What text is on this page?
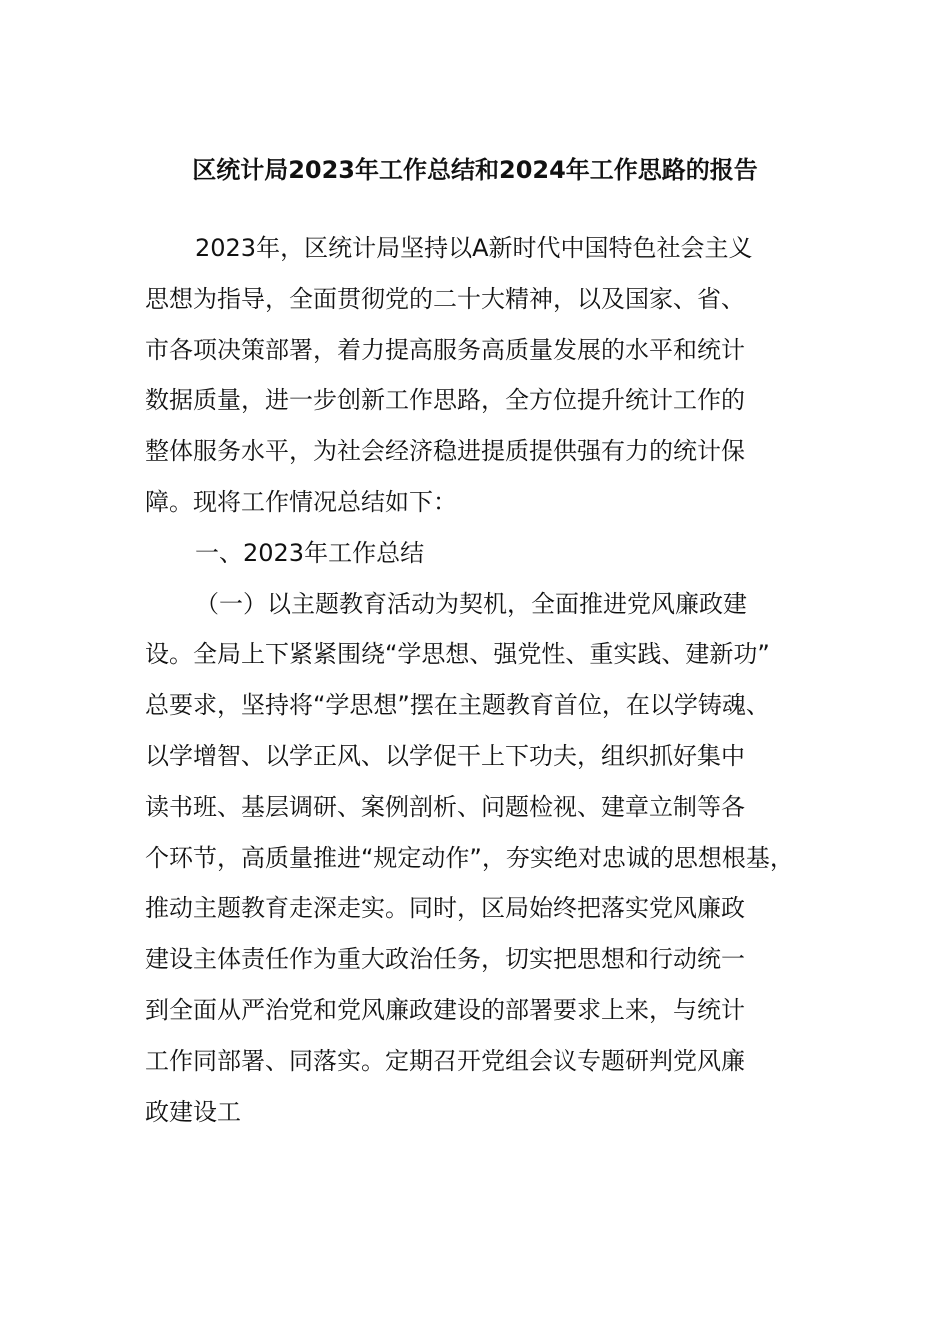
区统计局2023年工作总结和2024年工作思路的报告
2023年，区统计局坚持以A新时代中国特色社会主义
思想为指导，全面贯彻党的二十大精神，以及国家、省、
市各项决策部署，着力提高服务高质量发展的水平和统计
数据质量，进一步创新工作思路，全方位提升统计工作的
整体服务水平，为社会经济稳进提质提供强有力的统计保
障。现将工作情况总结如下：
一、2023年工作总结
（一）以主题教育活动为契机，全面推进党风廉政建
设。全局上下紧紧围绕“学思想、强党性、重实践、建新功”
总要求，坚持将“学思想”摆在主题教育首位，在以学铸魂、
以学增智、以学正风、以学促干上下功夫，组织抓好集中
读书班、基层调研、案例剖析、问题检视、建章立制等各
个环节，高质量推进“规定动作”，夯实绝对忠诚的思想根基，
推动主题教育走深走实。同时，区局始终把落实党风廉政
建设主体责任作为重大政治任务，切实把思想和行动统一
到全面从严治党和党风廉政建设的部署要求上来，与统计
工作同部署、同落实。定期召开党组会议专题研判党风廉
政建设工
